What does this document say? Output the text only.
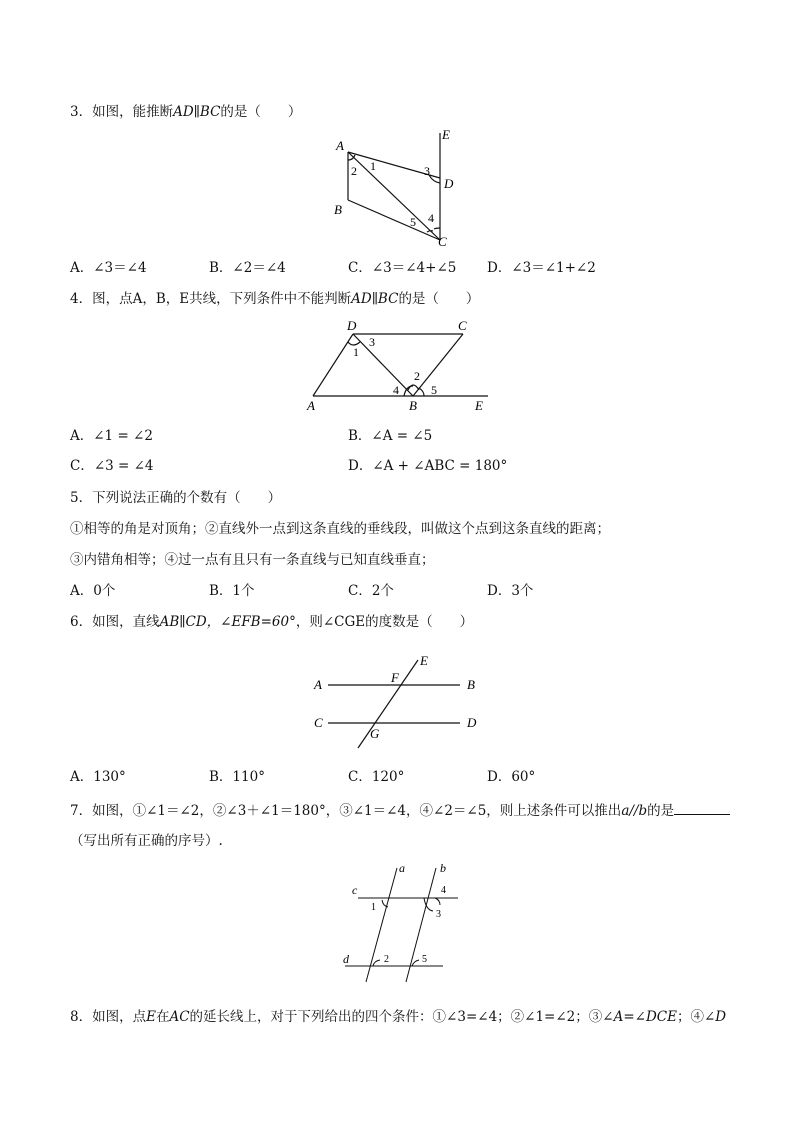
3．如图，能推断AD∥BC的是（　　）
A
B
C
D
E
1
2	3
4
5
A．∠3＝∠4	B．∠2＝∠4	C．∠3＝∠4+∠5 D．∠3＝∠1+∠2
4．图，点A，B，E共线，下列条件中不能判断AD∥BC的是（　　）
D	C
A	B	E
1
2
3
4	5
A．∠1 = ∠2	B．∠A = ∠5
C．∠3 = ∠4	D．∠A + ∠ABC = 180°
5．下列说法正确的个数有（　　）
①相等的角是对顶角；②直线外一点到这条直线的垂线段，叫做这个点到这条直线的距离；
③内错角相等；④过一点有且只有一条直线与已知直线垂直；
A．0个	B．1个	C．2个	D．3个
6．如图，直线AB∥CD，∠EFB=60°，则∠CGE的度数是（　　）
A	B
C	D
E
F
G
A．130°	B．110°	C．120°	D．60°
7．如图，①∠1＝∠2，②∠3＋∠1＝180°，③∠1＝∠4，④∠2＝∠5，则上述条件可以推出a//b的是
（写出所有正确的序号）.
a	b
c
d
1
2
3
4
5
8．如图，点E在AC的延长线上，对于下列给出的四个条件：①∠3=∠4；②∠1=∠2；③∠A=∠DCE；④∠D
